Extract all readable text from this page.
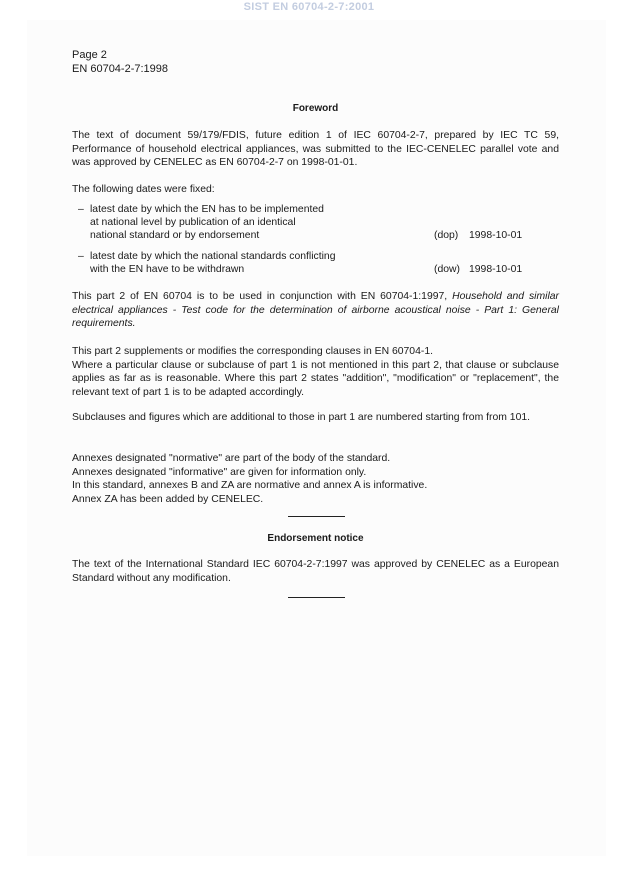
SIST EN 60704-2-7:2001
Page 2
EN 60704-2-7:1998
Foreword
The text of document 59/179/FDIS, future edition 1 of IEC 60704-2-7, prepared by IEC TC 59, Performance of household electrical appliances, was submitted to the IEC-CENELEC parallel vote and was approved by CENELEC as EN 60704-2-7 on 1998-01-01.
The following dates were fixed:
– latest date by which the EN has to be implemented
at national level by publication of an identical
national standard or by endorsement	(dop) 1998-10-01
– latest date by which the national standards conflicting
with the EN have to be withdrawn	(dow) 1998-10-01
This part 2 of EN 60704 is to be used in conjunction with EN 60704-1:1997, Household and similar electrical appliances - Test code for the determination of airborne acoustical noise - Part 1: General requirements.
This part 2 supplements or modifies the corresponding clauses in EN 60704-1.
Where a particular clause or subclause of part 1 is not mentioned in this part 2, that clause or subclause applies as far as is reasonable. Where this part 2 states "addition", "modification" or "replacement", the relevant text of part 1 is to be adapted accordingly.
Subclauses and figures which are additional to those in part 1 are numbered starting from from 101.
Annexes designated "normative" are part of the body of the standard.
Annexes designated "informative" are given for information only.
In this standard, annexes B and ZA are normative and annex A is informative.
Annex ZA has been added by CENELEC.
Endorsement notice
The text of the International Standard IEC 60704-2-7:1997 was approved by CENELEC as a European Standard without any modification.
